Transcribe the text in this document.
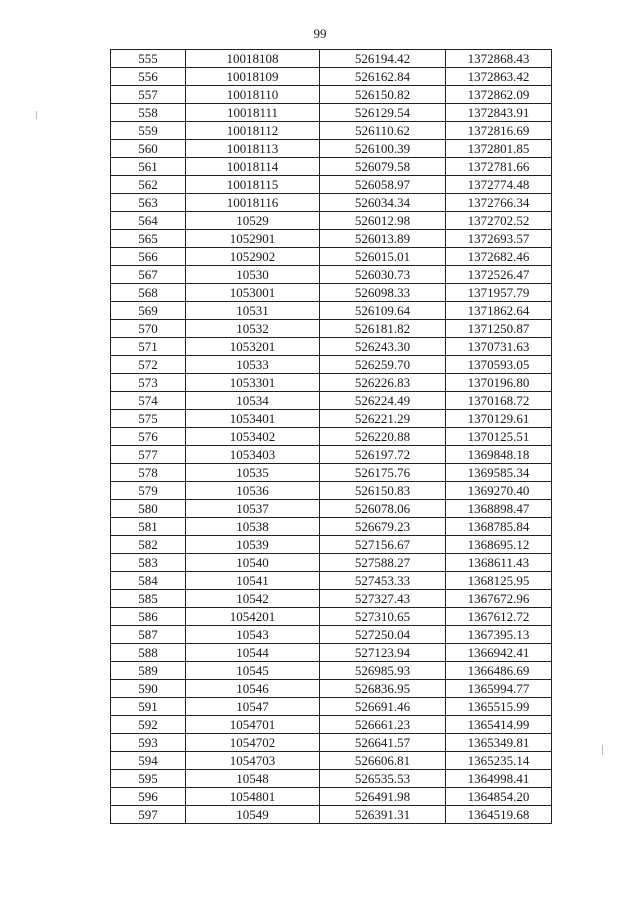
99
555	10018108	526194.42	1372868.43
556	10018109	526162.84	1372863.42
557	10018110	526150.82	1372862.09
558	10018111	526129.54	1372843.91
559	10018112	526110.62	1372816.69
560	10018113	526100.39	1372801.85
561	10018114	526079.58	1372781.66
562	10018115	526058.97	1372774.48
563	10018116	526034.34	1372766.34
564	10529	526012.98	1372702.52
565	1052901	526013.89	1372693.57
566	1052902	526015.01	1372682.46
567	10530	526030.73	1372526.47
568	1053001	526098.33	1371957.79
569	10531	526109.64	1371862.64
570	10532	526181.82	1371250.87
571	1053201	526243.30	1370731.63
572	10533	526259.70	1370593.05
573	1053301	526226.83	1370196.80
574	10534	526224.49	1370168.72
575	1053401	526221.29	1370129.61
576	1053402	526220.88	1370125.51
577	1053403	526197.72	1369848.18
578	10535	526175.76	1369585.34
579	10536	526150.83	1369270.40
580	10537	526078.06	1368898.47
581	10538	526679.23	1368785.84
582	10539	527156.67	1368695.12
583	10540	527588.27	1368611.43
584	10541	527453.33	1368125.95
585	10542	527327.43	1367672.96
586	1054201	527310.65	1367612.72
587	10543	527250.04	1367395.13
588	10544	527123.94	1366942.41
589	10545	526985.93	1366486.69
590	10546	526836.95	1365994.77
591	10547	526691.46	1365515.99
592	1054701	526661.23	1365414.99
593	1054702	526641.57	1365349.81
594	1054703	526606.81	1365235.14
595	10548	526535.53	1364998.41
596	1054801	526491.98	1364854.20
597	10549	526391.31	1364519.68
